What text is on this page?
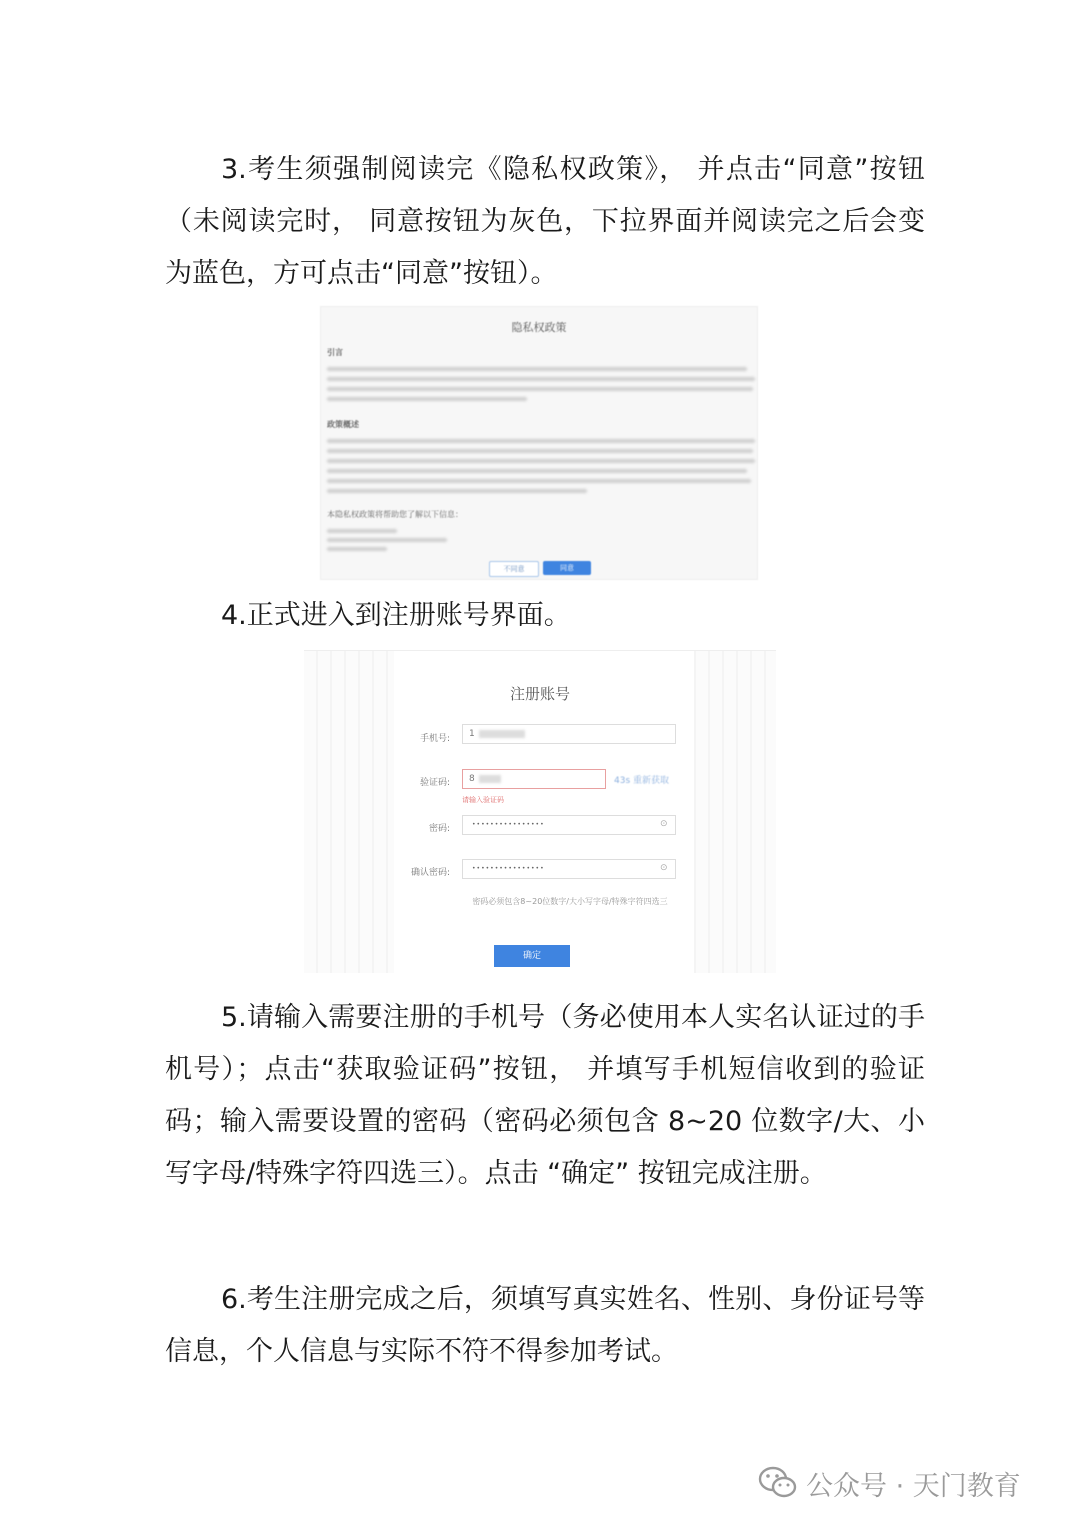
3.考生须强制阅读完《隐私权政策》， 并点击“同意”按钮（未阅读完时， 同意按钮为灰色，下拉界面并阅读完之后会变为蓝色，方可点击“同意”按钮）。

隐私权政策
引言
政策概述
本隐私权政策将帮助您了解以下信息：
不同意	同意

4.正式进入到注册账号界面。

注册账号
手机号:	1
验证码:	8	43s 重新获取
请输入验证码
密码:	••••••••••••••••	⊙
确认密码:	••••••••••••••••	⊙
密码必须包含8~20位数字/大小写字母/特殊字符四选三
确定

5.请输入需要注册的手机号（务必使用本人实名认证过的手机号）；点击“获取验证码”按钮， 并填写手机短信收到的验证码；输入需要设置的密码（密码必须包含 8~20 位数字/大、小写字母/特殊字符四选三）。点击 “确定” 按钮完成注册。

6.考生注册完成之后，须填写真实姓名、性别、身份证号等信息，个人信息与实际不符不得参加考试。

公众号 · 天门教育
